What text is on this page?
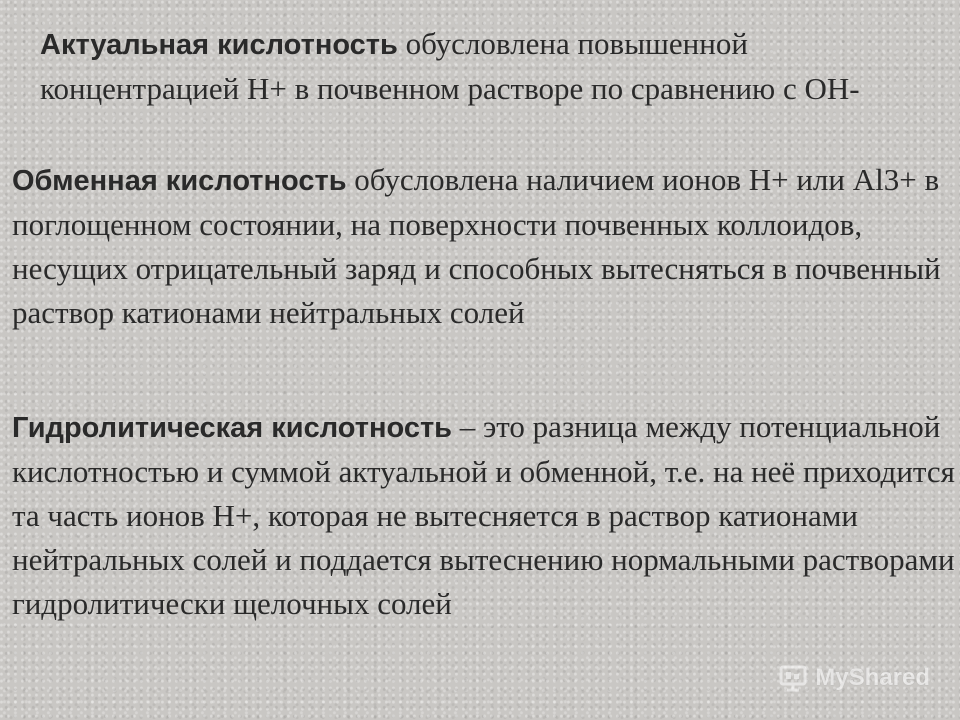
Актуальная кислотность обусловлена повышенной концентрацией Н+ в почвенном растворе по сравнению с ОН-

Обменная кислотность обусловлена наличием ионов Н+ или Al3+ в поглощенном состоянии, на поверхности почвенных коллоидов, несущих отрицательный заряд и способных вытесняться в почвенный раствор катионами нейтральных солей

Гидролитическая кислотность – это разница между потенциальной кислотностью и суммой актуальной и обменной, т.е. на неё приходится та часть ионов Н+, которая не вытесняется в раствор катионами нейтральных солей и поддается вытеснению нормальными растворами гидролитически щелочных солей

MyShared
